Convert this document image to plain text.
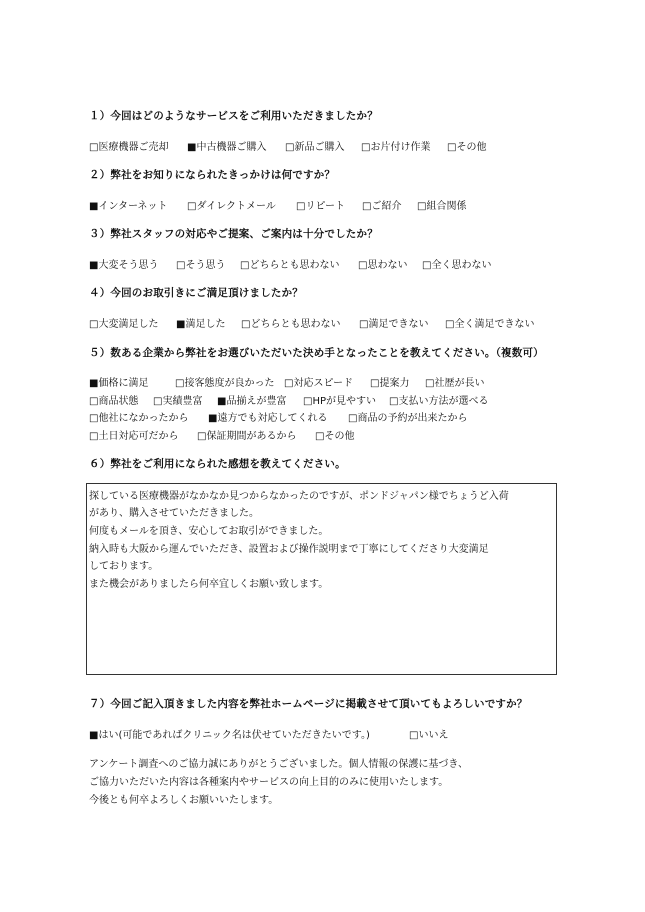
１）今回はどのようなサービスをご利用いただきましたか？
□医療機器ご売却	■中古機器ご購入	□新品ご購入	□お片付け作業	□その他
２）弊社をお知りになられたきっかけは何ですか？
■インターネット	□ダイレクトメール	□リピート	□ご紹介	□組合関係
３）弊社スタッフの対応やご提案、ご案内は十分でしたか？
■大変そう思う	□そう思う	□どちらとも思わない	□思わない	□全く思わない
４）今回のお取引きにご満足頂けましたか？
□大変満足した	■満足した	□どちらとも思わない	□満足できない	□全く満足できない
５）数ある企業から弊社をお選びいただいた決め手となったことを教えてください。（複数可）
■価格に満足	□接客態度が良かった □対応スピード	□提案力	□社歴が長い
□商品状態	□実績豊富	■品揃えが豊富	□HPが見やすい	□支払い方法が選べる
□他社になかったから	■遠方でも対応してくれる	□商品の予約が出来たから
□土日対応可だから	□保証期間があるから	□その他
６）弊社をご利用になられた感想を教えてください。
探している医療機器がなかなか見つからなかったのですが、ポンドジャパン様でちょうど入荷
があり、購入させていただきました。
何度もメールを頂き、安心してお取引ができました。
納入時も大阪から運んでいただき、設置および操作説明まで丁寧にしてくださり大変満足
しております。
また機会がありましたら何卒宜しくお願い致します。
７）今回ご記入頂きました内容を弊社ホームページに掲載させて頂いてもよろしいですか？
■はい(可能であればクリニック名は伏せていただきたいです。)	□いいえ
アンケート調査へのご協力誠にありがとうございました。個人情報の保護に基づき、
ご協力いただいた内容は各種案内やサービスの向上目的のみに使用いたします。
今後とも何卒よろしくお願いいたします。
